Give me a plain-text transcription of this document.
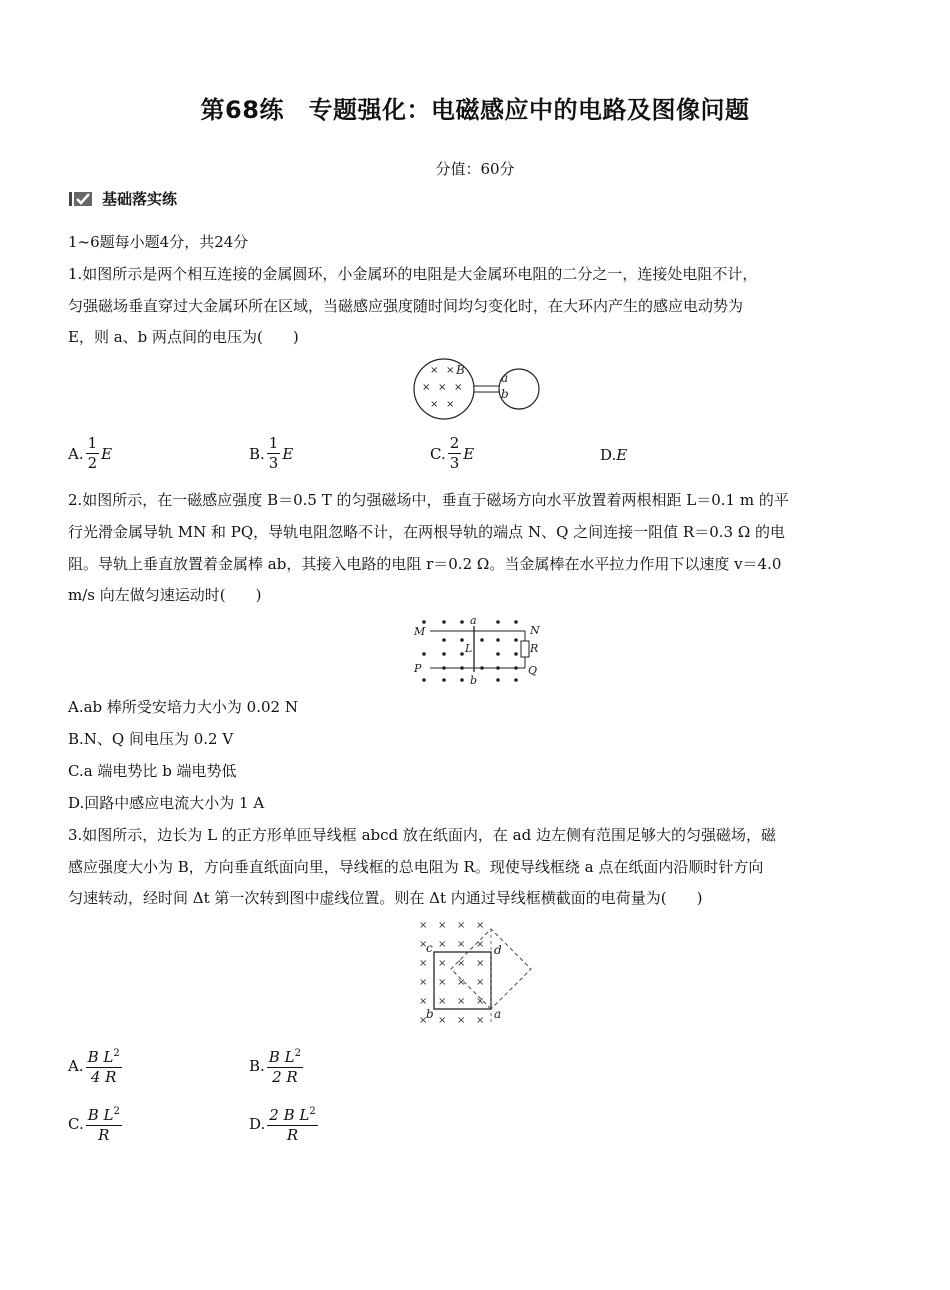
第68练　专题强化：电磁感应中的电路及图像问题
分值：60分
基础落实练
1~6题每小题4分，共24分
1.如图所示是两个相互连接的金属圆环，小金属环的电阻是大金属环电阻的二分之一，连接处电阻不计，
匀强磁场垂直穿过大金属环所在区域，当磁感应强度随时间均匀变化时，在大环内产生的感应电动势为
E，则 a、b 两点间的电压为(　　)
× ×
× × ×
× ×
B
a
b
A. $\frac{1}{2}$ E	B. $\frac{1}{3}$ E	C. $\frac{2}{3}$ E	D. E
2.如图所示，在一磁感应强度 B＝0.5 T 的匀强磁场中，垂直于磁场方向水平放置着两根相距 L＝0.1 m 的平
行光滑金属导轨 MN 和 PQ，导轨电阻忽略不计，在两根导轨的端点 N、Q 之间连接一阻值 R＝0.3 Ω 的电
阻。导轨上垂直放置着金属棒 ab，其接入电路的电阻 r＝0.2 Ω。当金属棒在水平拉力作用下以速度 v＝4.0
m/s 向左做匀速运动时(　　)
M
P
N
R
Q
a
b
L
A.ab 棒所受安培力大小为 0.02 N
B.N、Q 间电压为 0.2 V
C.a 端电势比 b 端电势低
D.回路中感应电流大小为 1 A
3.如图所示，边长为 L 的正方形单匝导线框 abcd 放在纸面内，在 ad 边左侧有范围足够大的匀强磁场，磁
感应强度大小为 B，方向垂直纸面向里，导线框的总电阻为 R。现使导线框绕 a 点在纸面内沿顺时针方向
匀速转动，经时间 Δt 第一次转到图中虚线位置。则在 Δt 内通过导线框横截面的电荷量为(　　)
× × × ×
× × × ×
× × × ×
× × × ×
× × × ×
× × × ×
c
b	a
d
A. $\frac{B L^2}{4 R}$	B. $\frac{B L^2}{2 R}$
C. $\frac{B L^2}{R}$	D. $\frac{2 B L^2}{R}$
